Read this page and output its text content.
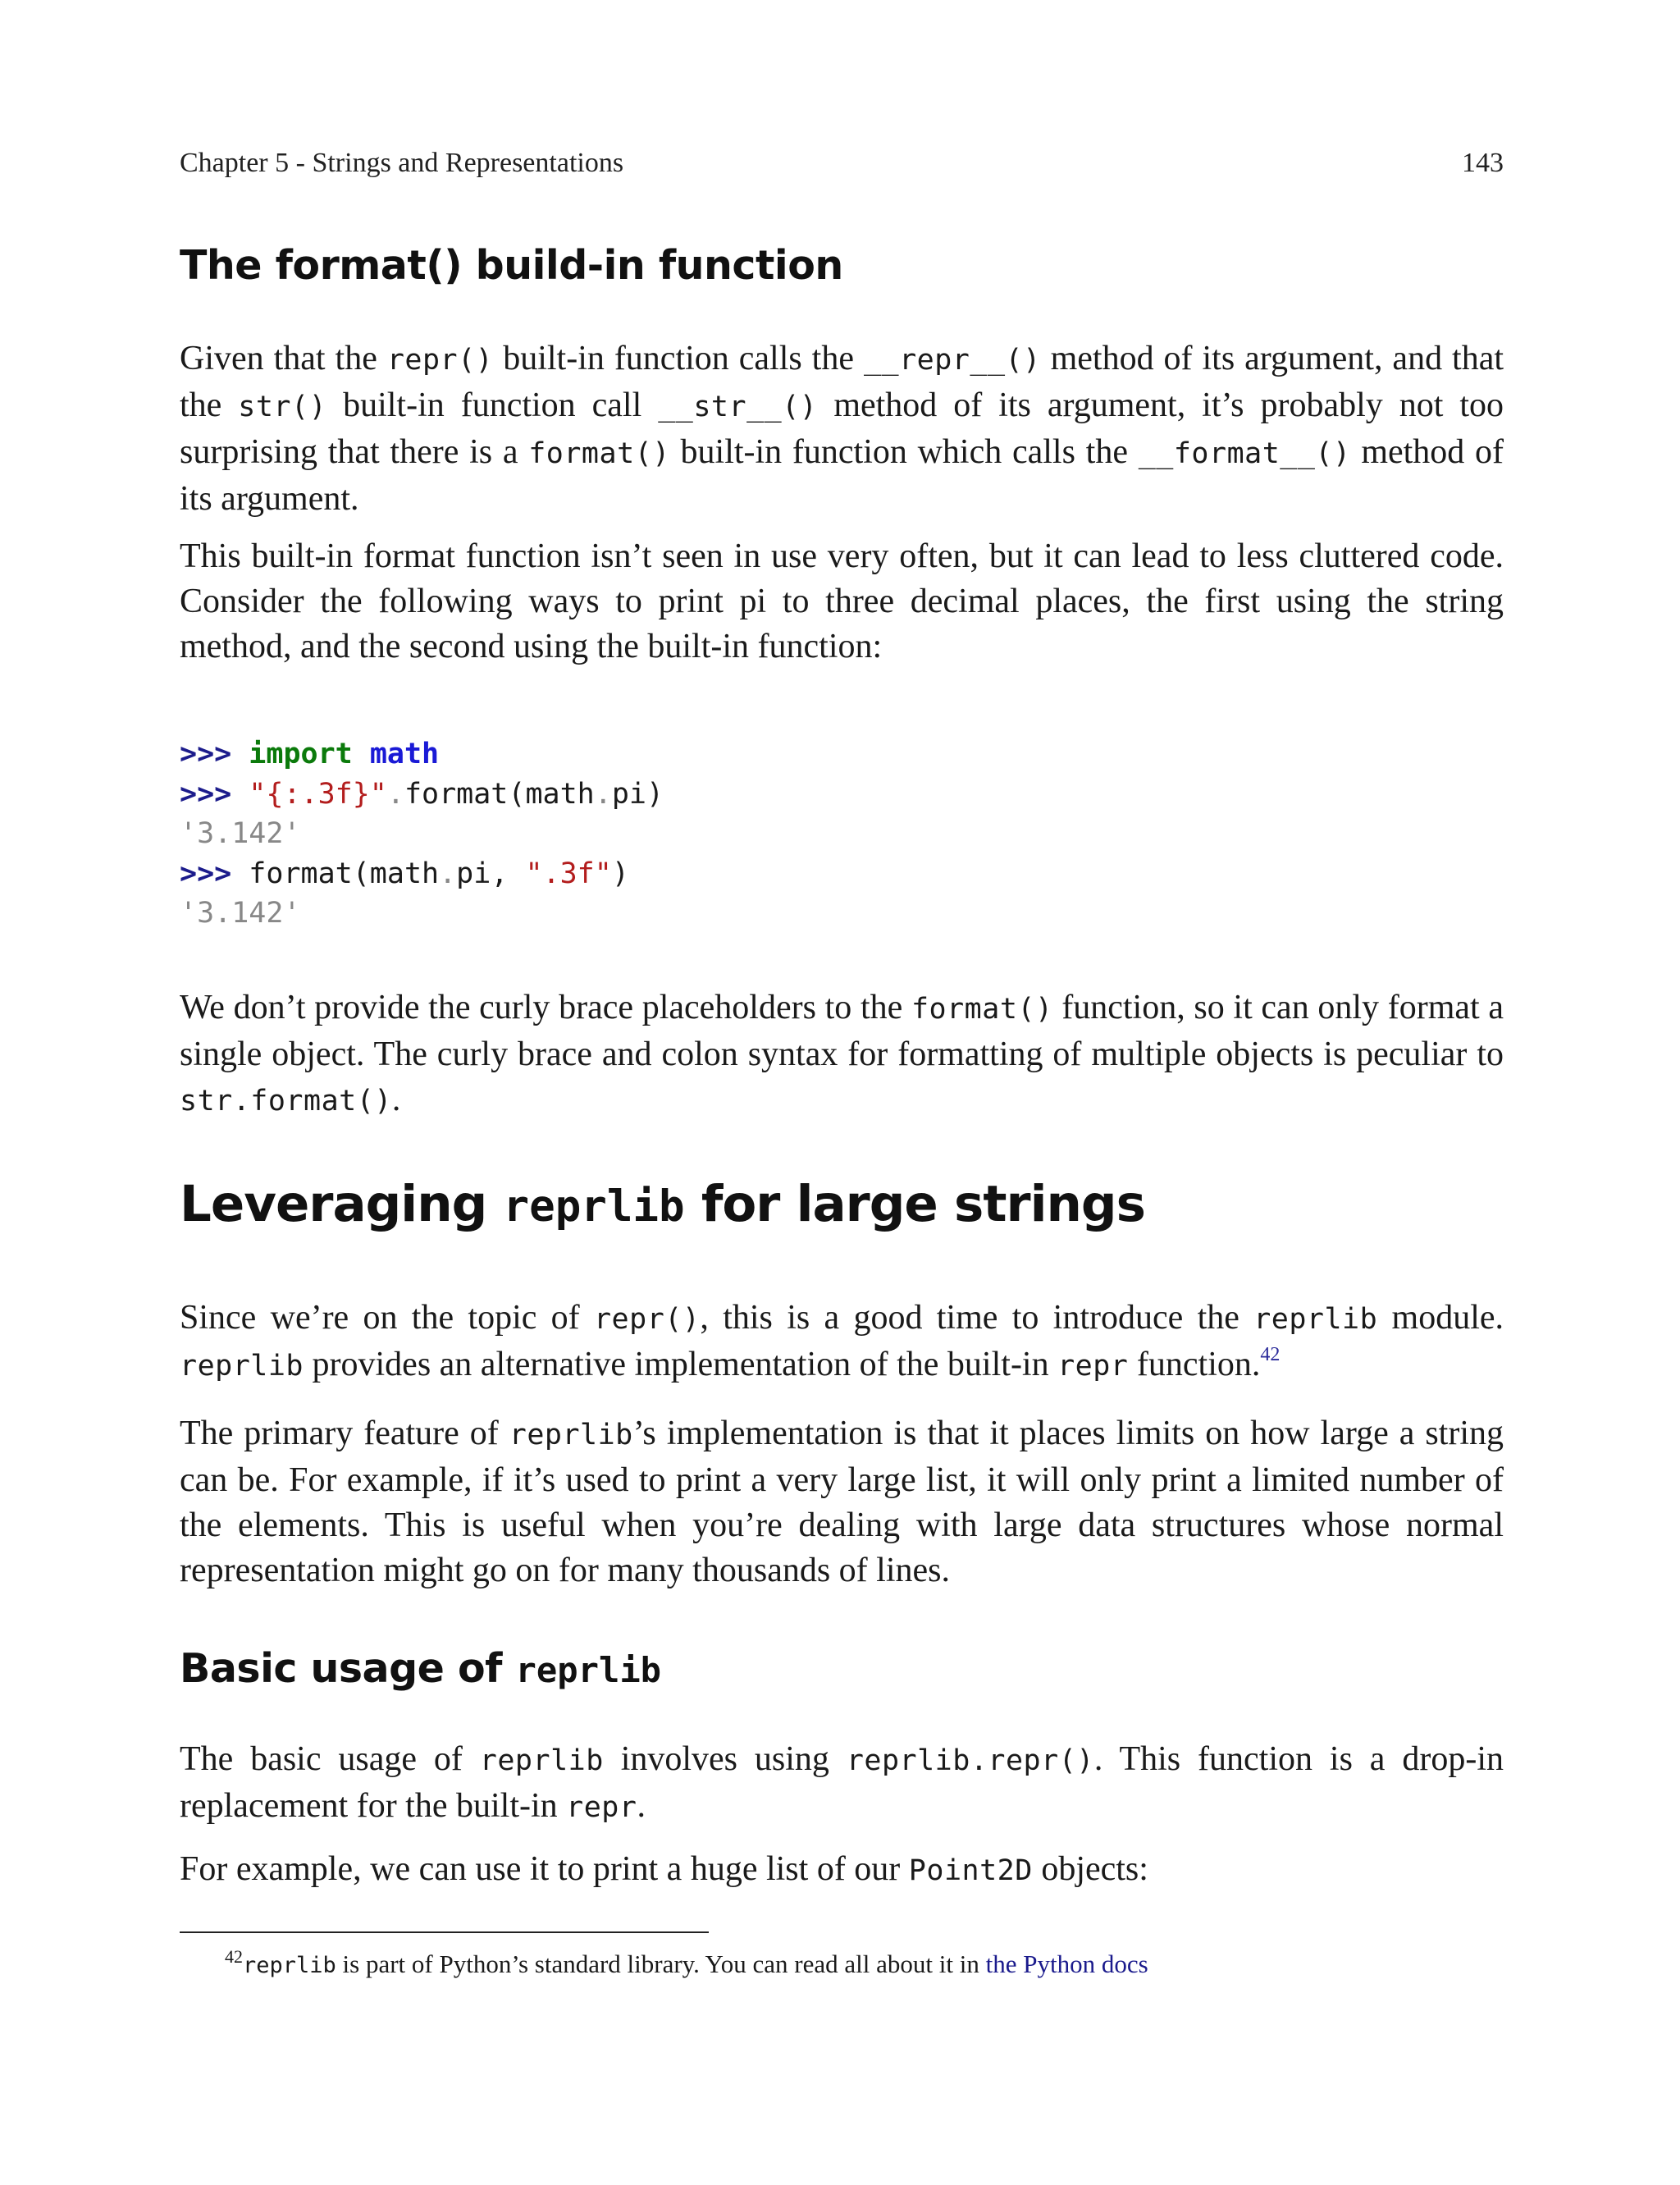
Chapter 5 - Strings and Representations	143
The format() build-in function

Given that the repr() built-in function calls the __repr__() method of its argument, and that the str() built-in function call __str__() method of its argument, it’s probably not too surprising that there is a format() built-in function which calls the __format__() method of its argument.

This built-in format function isn’t seen in use very often, but it can lead to less cluttered code. Consider the following ways to print pi to three decimal places, the first using the string method, and the second using the built-in function:

>>> import math
>>> "{:.3f}".format(math.pi)
'3.142'
>>> format(math.pi, ".3f")
'3.142'

We don’t provide the curly brace placeholders to the format() function, so it can only format a single object. The curly brace and colon syntax for formatting of multiple objects is peculiar to str.format().

Leveraging reprlib for large strings

Since we’re on the topic of repr(), this is a good time to introduce the reprlib module. reprlib provides an alternative implementation of the built-in repr function.$^{42}$

The primary feature of reprlib’s implementation is that it places limits on how large a string can be. For example, if it’s used to print a very large list, it will only print a limited number of the elements. This is useful when you’re dealing with large data structures whose normal representation might go on for many thousands of lines.

Basic usage of reprlib

The basic usage of reprlib involves using reprlib.repr(). This function is a drop-in replacement for the built-in repr.

For example, we can use it to print a huge list of our Point2D objects:

$^{42}$reprlib is part of Python’s standard library. You can read all about it in the Python docs
